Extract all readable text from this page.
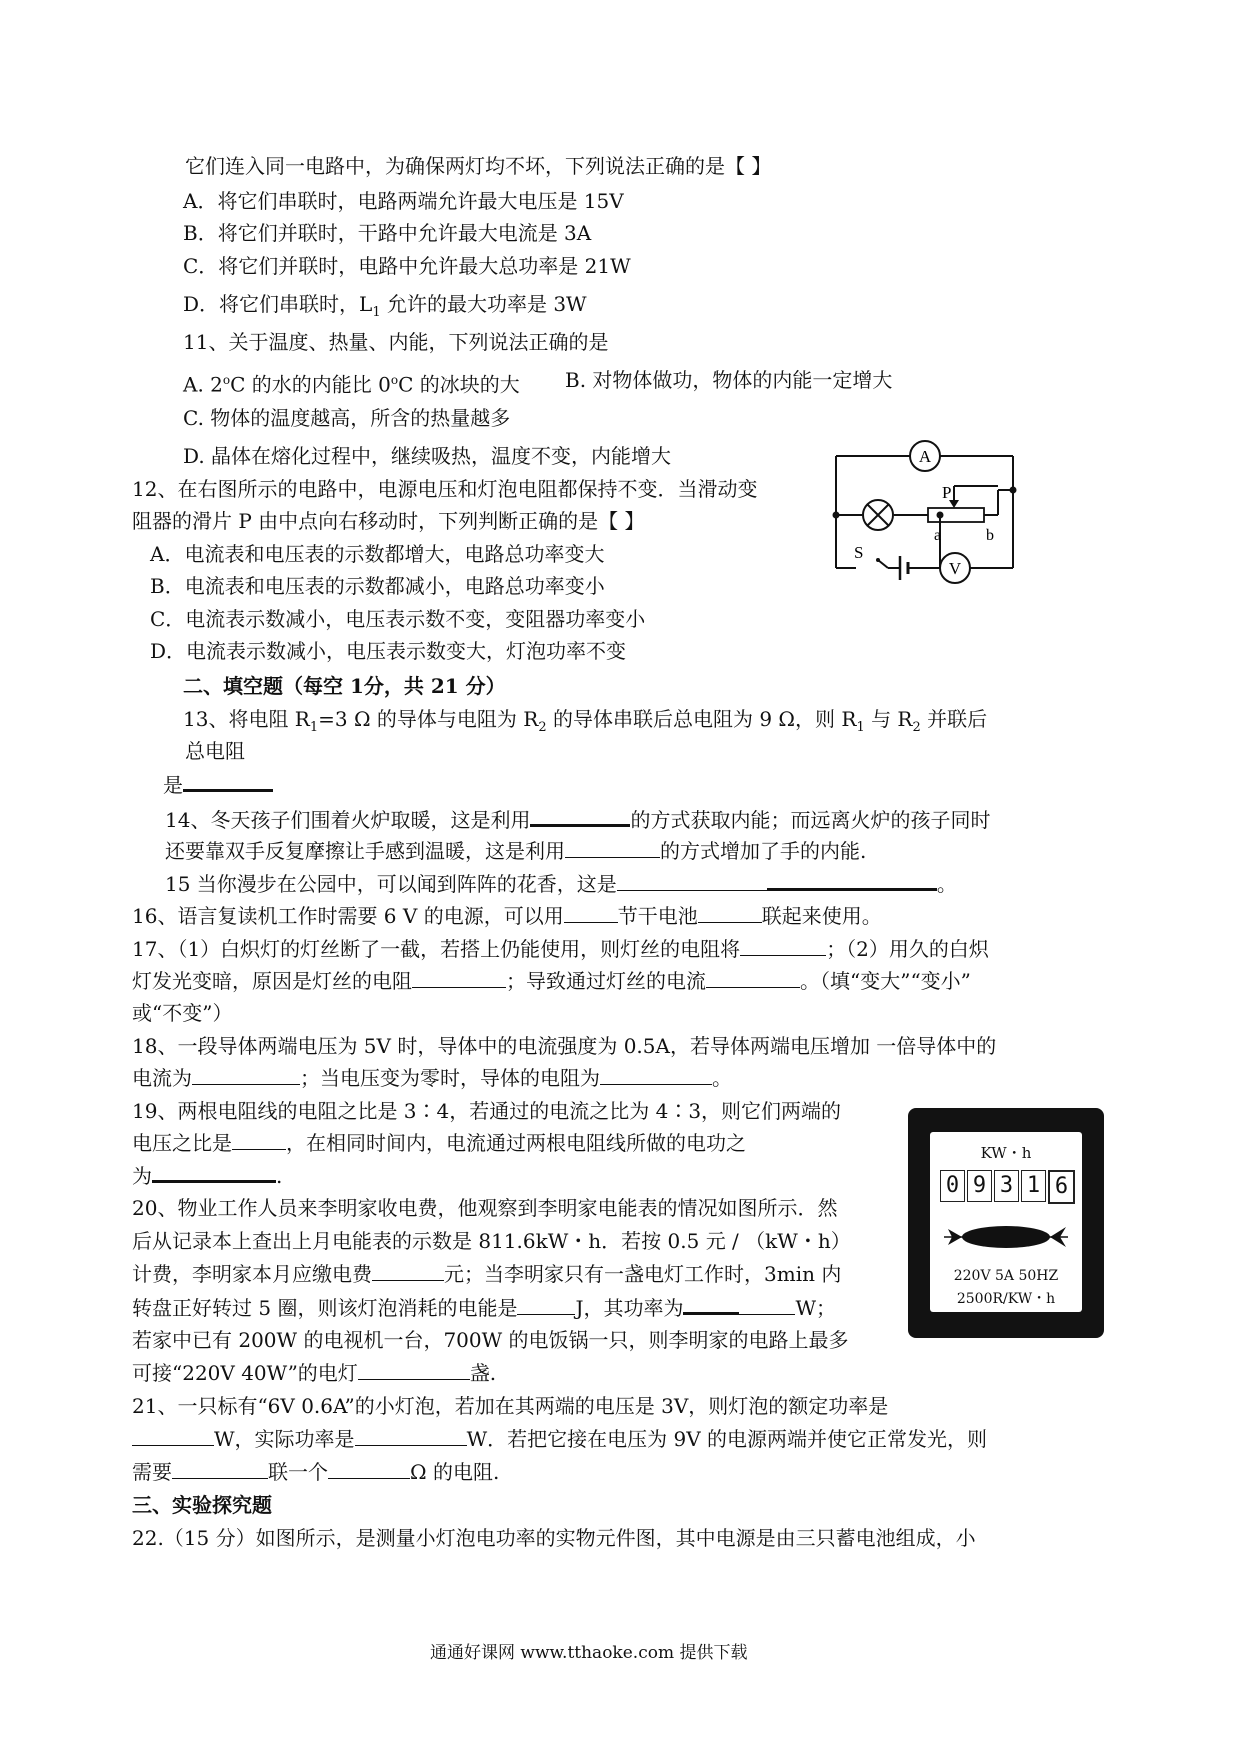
它们连入同一电路中，为确保两灯均不坏，下列说法正确的是【 】
A．将它们串联时，电路两端允许最大电压是 15V
B．将它们并联时，干路中允许最大电流是 3A
C．将它们并联时，电路中允许最大总功率是 21W
D．将它们串联时，$L_1$ 允许的最大功率是 3W
11、关于温度、热量、内能，下列说法正确的是
A. 2$^o$C 的水的内能比 0$^o$C 的冰块的大 B. 对物体做功，物体的内能一定增大
C. 物体的温度越高，所含的热量越多
D. 晶体在熔化过程中，继续吸热，温度不变，内能增大
12、在右图所示的电路中，电源电压和灯泡电阻都保持不变．当滑动变
阻器的滑片 P 由中点向右移动时，下列判断正确的是【 】
A．电流表和电压表的示数都增大，电路总功率变大
B．电流表和电压表的示数都减小，电路总功率变小
C．电流表示数减小，电压表示数不变，变阻器功率变小
D．电流表示数减小，电压表示数变大，灯泡功率不变
A
V
P
a	b
S
二、填空题（每空 1分，共 21 分）
13、将电阻 $R_1=3$ Ω 的导体与电阻为 $R_2$ 的导体串联后总电阻为 9 Ω，则 $R_1$ 与 $R_2$ 并联后
总电阻
是
14、冬天孩子们围着火炉取暖，这是利用	的方式获取内能；而远离火炉的孩子同时
还要靠双手反复摩擦让手感到温暖，这是利用	的方式增加了手的内能.
15 当你漫步在公园中，可以闻到阵阵的花香，这是	。
16、语言复读机工作时需要 6 V 的电源，可以用	节干电池	联起来使用。
17、（1）白炽灯的灯丝断了一截，若搭上仍能使用，则灯丝的电阻将	；（2）用久的白炽
灯发光变暗，原因是灯丝的电阻	；导致通过灯丝的电流	。（填“变大”“变小”
或“不变”）
18、一段导体两端电压为 5V 时，导体中的电流强度为 0.5A，若导体两端电压增加 一倍导体中的
电流为	；当电压变为零时，导体的电阻为	。
19、两根电阻线的电阻之比是 3∶4，若通过的电流之比为 4∶3，则它们两端的
电压之比是	，在相同时间内，电流通过两根电阻线所做的电功之
为	.
20、物业工作人员来李明家收电费，他观察到李明家电能表的情况如图所示．然
后从记录本上查出上月电能表的示数是 811.6kW・h．若按 0.5 元 / （kW・h）
计费，李明家本月应缴电费	元；当李明家只有一盏电灯工作时，3min 内
转盘正好转过 5 圈，则该灯泡消耗的电能是	J，其功率为	W；
若家中已有 200W 的电视机一台，700W 的电饭锅一只，则李明家的电路上最多
可接“220V 40W”的电灯	盏.
KW・h
0 9 3 1 6
220V 5A 50HZ
2500R/KW・h
21、一只标有“6V 0.6A”的小灯泡，若加在其两端的电压是 3V，则灯泡的额定功率是
W，实际功率是	W．若把它接在电压为 9V 的电源两端并使它正常发光，则
需要	联一个	Ω 的电阻.
三、实验探究题
22.（15 分）如图所示，是测量小灯泡电功率的实物元件图，其中电源是由三只蓄电池组成，小
通通好课网 www.tthaoke.com 提供下载
